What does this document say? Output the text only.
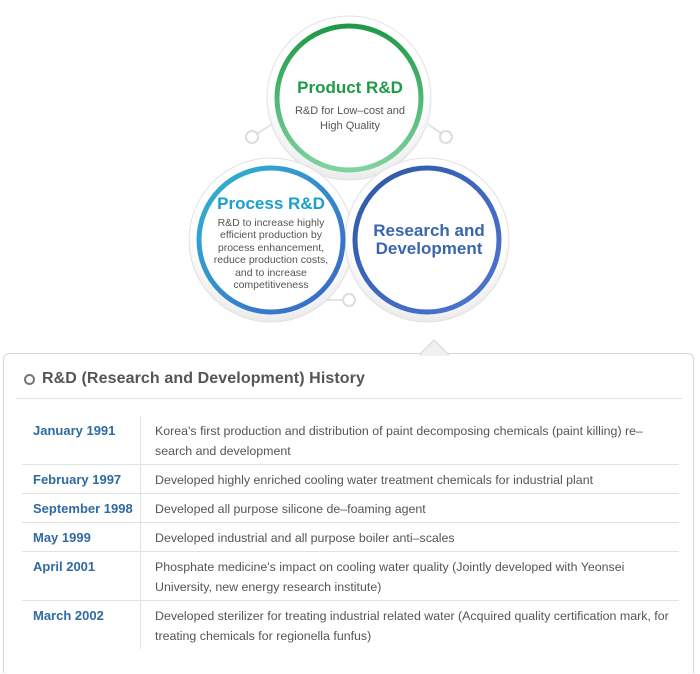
Product R&D
R&D for Low–cost and High Quality
Process R&D
R&D to increase highly efficient production by process enhancement, reduce production costs, and to increase competitiveness
Research and
Development
R&D (Research and Development) History
January 1991	Korea's first production and distribution of paint decomposing chemicals (paint killing) re–search and development
February 1997	Developed highly enriched cooling water treatment chemicals for industrial plant
September 1998	Developed all purpose silicone de–foaming agent
May 1999	Developed industrial and all purpose boiler anti–scales
April 2001	Phosphate medicine's impact on cooling water quality (Jointly developed with Yeonsei University, new energy research institute)
March 2002	Developed sterilizer for treating industrial related water (Acquired quality certification mark, for treating chemicals for regionella funfus)
